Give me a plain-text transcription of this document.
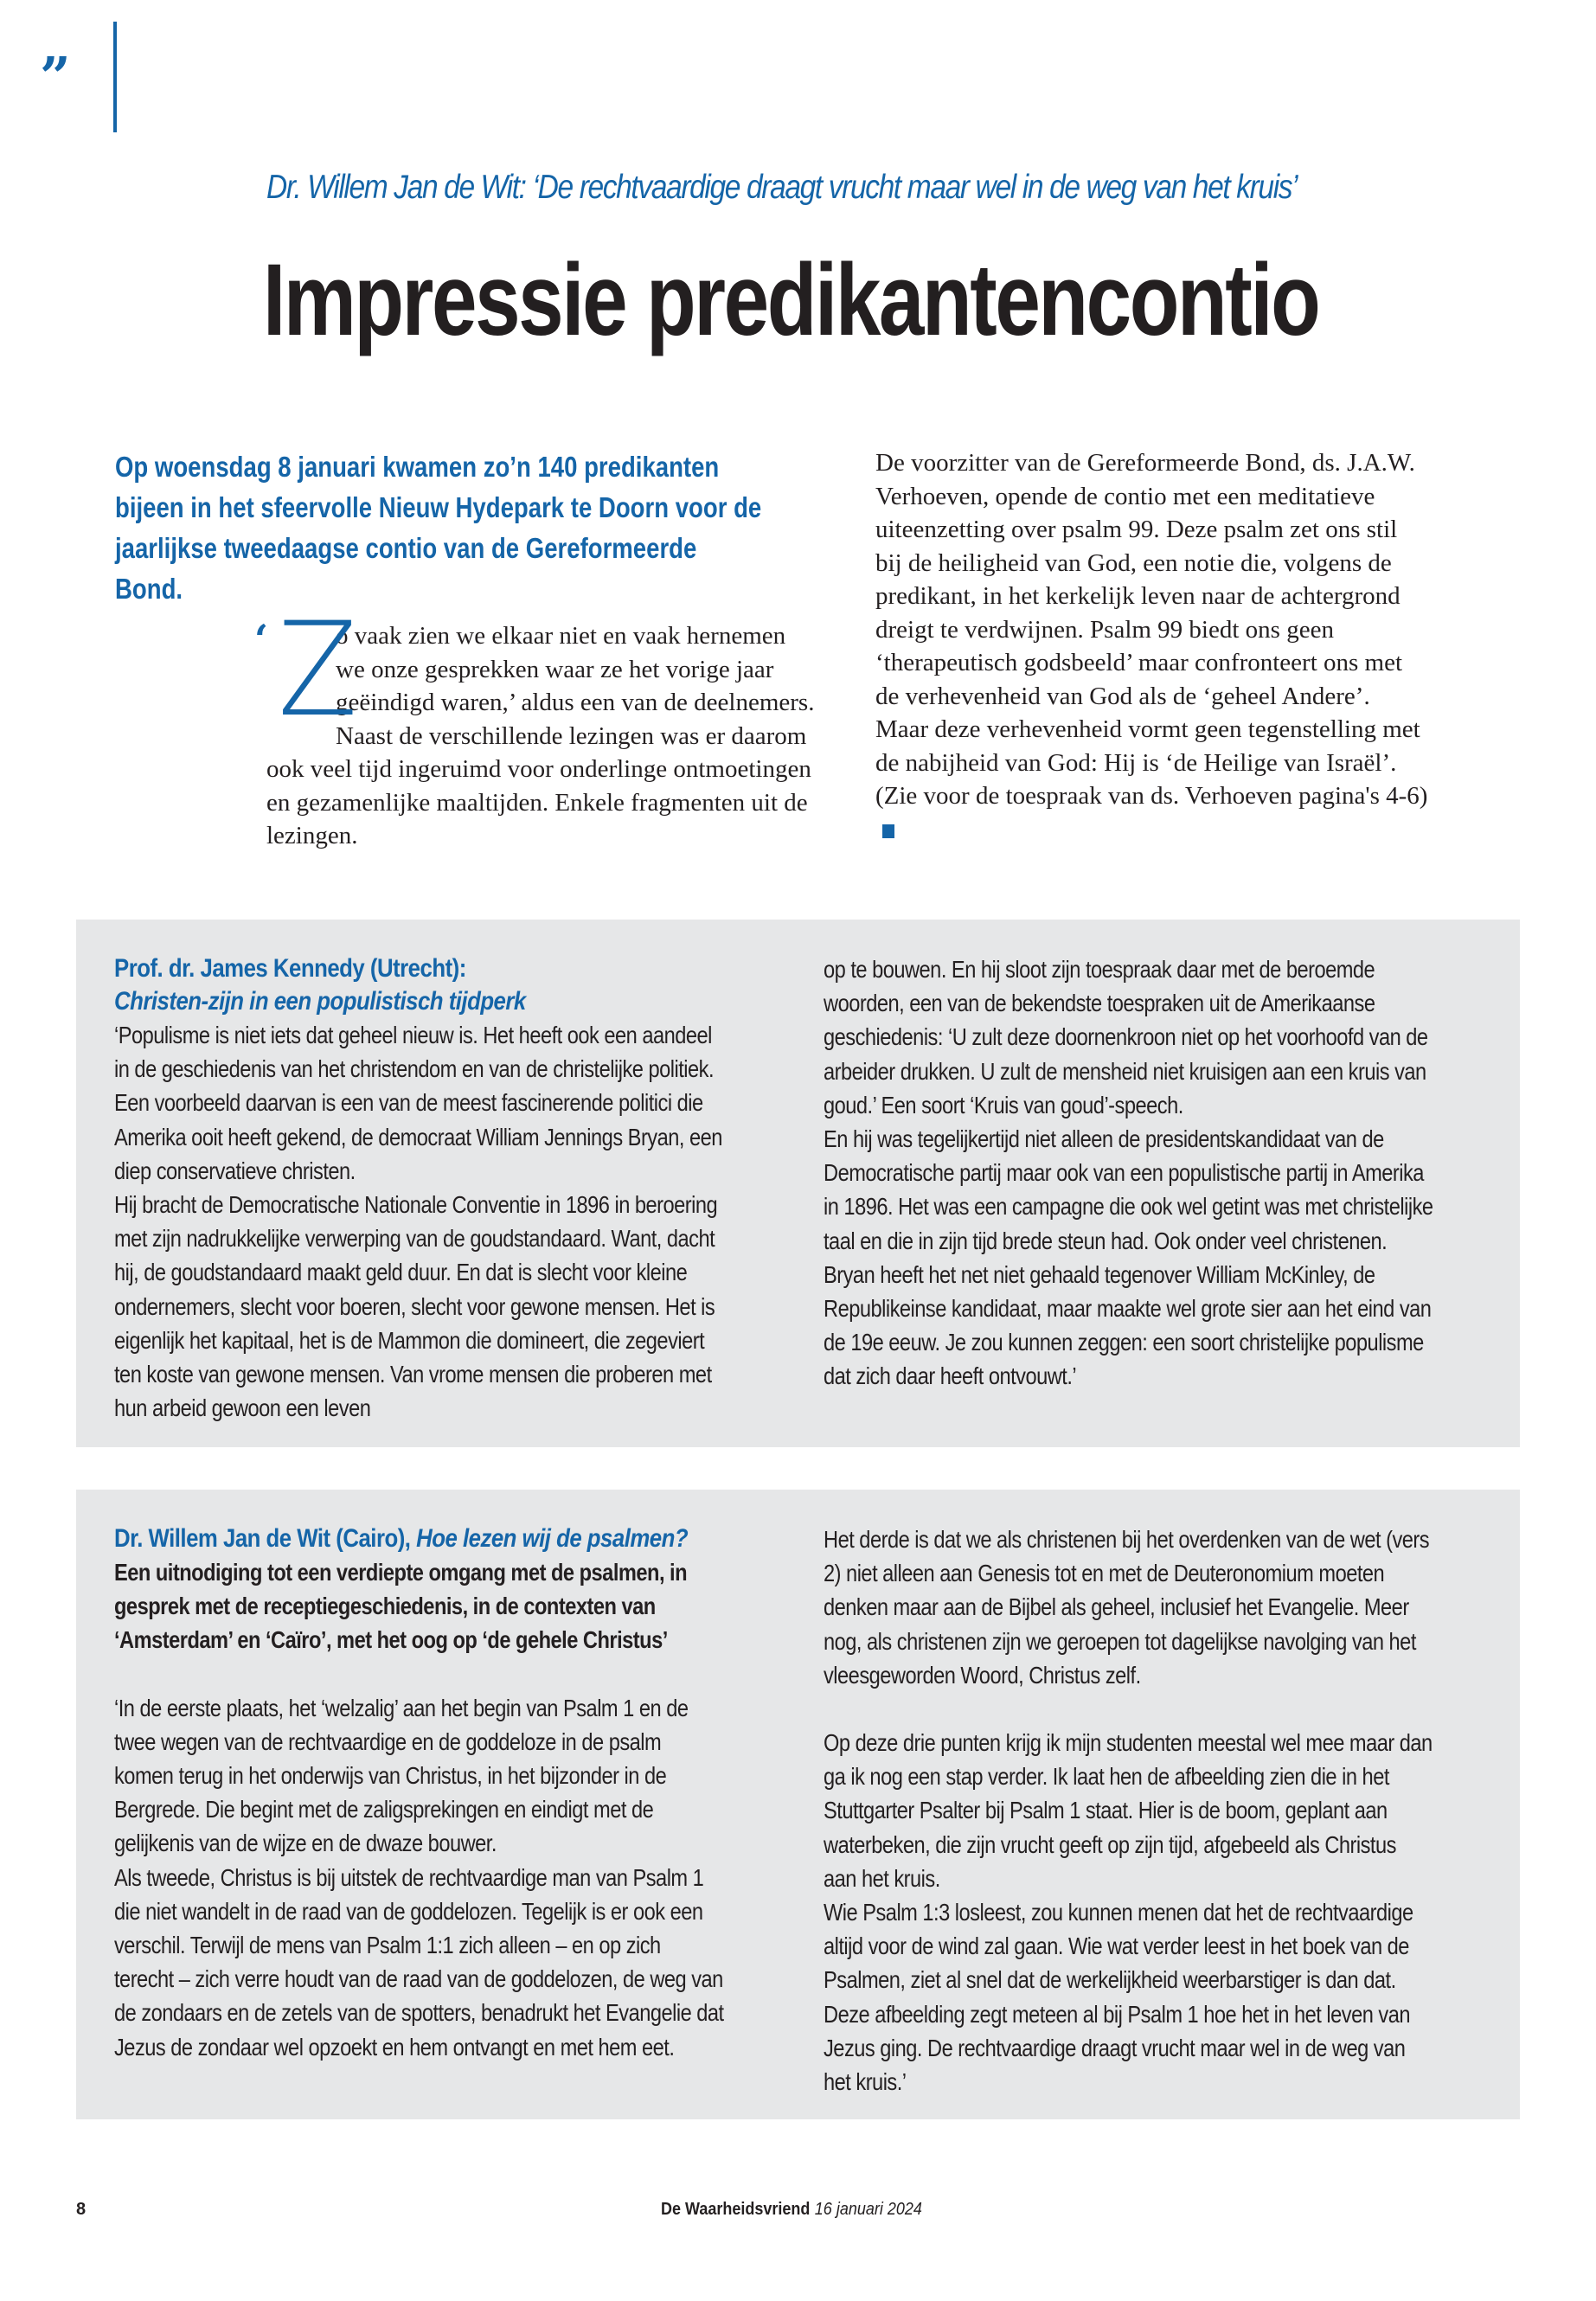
”
Dr. Willem Jan de Wit: ‘De rechtvaardige draagt vrucht maar wel in de weg van het kruis’
Impressie predikantencontio

Op woensdag 8 januari kwamen zo’n 140 predikanten bijeen in het sfeervolle Nieuw Hydepark te Doorn voor de jaarlijkse tweedaagse contio van de Gereformeerde Bond.

‘ Z
o vaak zien we elkaar niet en vaak hernemen we onze gesprekken waar ze het vorige jaar geëindigd waren,’ aldus een van de deelnemers. Naast de verschillende lezingen was er daarom ook veel tijd ingeruimd voor onderlinge ontmoetingen en gezamenlijke maaltijden. Enkele fragmenten uit de lezingen.
De voorzitter van de Gereformeerde Bond, ds. J.A.W. Verhoeven, opende de contio met een meditatieve uiteenzetting over psalm 99. Deze psalm zet ons stil bij de heiligheid van God, een notie die, volgens de predikant, in het kerkelijk leven naar de achtergrond dreigt te verdwijnen. Psalm 99 biedt ons geen ‘therapeutisch godsbeeld’ maar confronteert ons met de verhevenheid van God als de ‘geheel Andere’. Maar deze verhevenheid vormt geen tegenstelling met de nabijheid van God: Hij is ‘de Heilige van Israël’. (Zie voor de toespraak van ds. Verhoeven pagina's 4-6)
Prof. dr. James Kennedy (Utrecht):
Christen-zijn in een populistisch tijdperk
‘Populisme is niet iets dat geheel nieuw is. Het heeft ook een aandeel in de geschiedenis van het christendom en van de christelijke politiek. Een voorbeeld daarvan is een van de meest fascinerende politici die Amerika ooit heeft gekend, de democraat William Jennings Bryan, een diep conservatieve christen.
Hij bracht de Democratische Nationale Conventie in 1896 in beroering met zijn nadrukkelijke verwerping van de goudstandaard. Want, dacht hij, de goudstandaard maakt geld duur. En dat is slecht voor kleine ondernemers, slecht voor boeren, slecht voor gewone mensen. Het is eigenlijk het kapitaal, het is de Mammon die domineert, die zegeviert ten koste van gewone mensen. Van vrome mensen die proberen met hun arbeid gewoon een leven
op te bouwen. En hij sloot zijn toespraak daar met de beroemde woorden, een van de bekendste toespraken uit de Amerikaanse geschiedenis: ‘U zult deze doornenkroon niet op het voorhoofd van de arbeider drukken. U zult de mensheid niet kruisigen aan een kruis van goud.’ Een soort ‘Kruis van goud’-speech.
En hij was tegelijkertijd niet alleen de presidentskandidaat van de Democratische partij maar ook van een populistische partij in Amerika in 1896. Het was een campagne die ook wel getint was met christelijke taal en die in zijn tijd brede steun had. Ook onder veel christenen.
Bryan heeft het net niet gehaald tegenover William McKinley, de Republikeinse kandidaat, maar maakte wel grote sier aan het eind van de 19e eeuw. Je zou kunnen zeggen: een soort christelijke populisme dat zich daar heeft ontvouwt.’
Dr. Willem Jan de Wit (Cairo), Hoe lezen wij de psalmen?
Een uitnodiging tot een verdiepte omgang met de psalmen, in gesprek met de receptiegeschiedenis, in de contexten van ‘Amsterdam’ en ‘Caïro’, met het oog op ‘de gehele Christus’
‘In de eerste plaats, het ‘welzalig’ aan het begin van Psalm 1 en de twee wegen van de rechtvaardige en de goddeloze in de psalm komen terug in het onderwijs van Christus, in het bijzonder in de Bergrede. Die begint met de zaligsprekingen en eindigt met de gelijkenis van de wijze en de dwaze bouwer.
Als tweede, Christus is bij uitstek de rechtvaardige man van Psalm 1 die niet wandelt in de raad van de goddelozen. Tegelijk is er ook een verschil. Terwijl de mens van Psalm 1:1 zich alleen – en op zich terecht – zich verre houdt van de raad van de goddelozen, de weg van de zondaars en de zetels van de spotters, benadrukt het Evangelie dat Jezus de zondaar wel opzoekt en hem ontvangt en met hem eet.
Het derde is dat we als christenen bij het overdenken van de wet (vers 2) niet alleen aan Genesis tot en met de Deuteronomium moeten denken maar aan de Bijbel als geheel, inclusief het Evangelie. Meer nog, als christenen zijn we geroepen tot dagelijkse navolging van het vleesgeworden Woord, Christus zelf.
Op deze drie punten krijg ik mijn studenten meestal wel mee maar dan ga ik nog een stap verder. Ik laat hen de afbeelding zien die in het Stuttgarter Psalter bij Psalm 1 staat. Hier is de boom, geplant aan waterbeken, die zijn vrucht geeft op zijn tijd, afgebeeld als Christus aan het kruis.
Wie Psalm 1:3 losleest, zou kunnen menen dat het de rechtvaardige altijd voor de wind zal gaan. Wie wat verder leest in het boek van de Psalmen, ziet al snel dat de werkelijkheid weerbarstiger is dan dat. Deze afbeelding zegt meteen al bij Psalm 1 hoe het in het leven van Jezus ging. De rechtvaardige draagt vrucht maar wel in de weg van het kruis.’
8	De Waarheidsvriend 16 januari 2024
